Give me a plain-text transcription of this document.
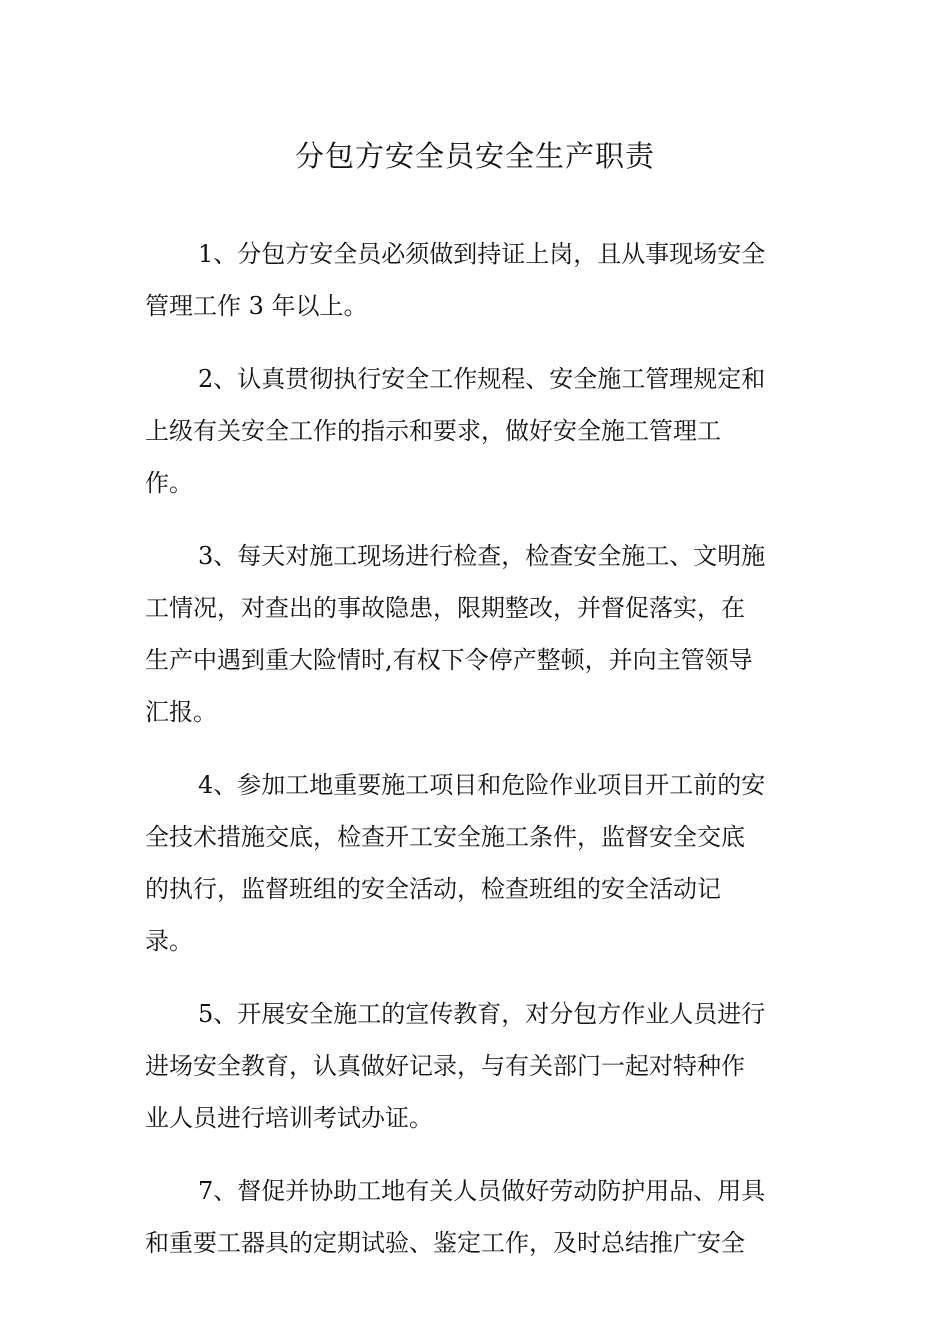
分包方安全员安全生产职责
1、分包方安全员必须做到持证上岗，且从事现场安全
管理工作 3 年以上。
2、认真贯彻执行安全工作规程、安全施工管理规定和
上级有关安全工作的指示和要求，做好安全施工管理工
作。
3、每天对施工现场进行检查，检查安全施工、文明施
工情况，对查出的事故隐患，限期整改，并督促落实，在
生产中遇到重大险情时,有权下令停产整顿，并向主管领导
汇报。
4、参加工地重要施工项目和危险作业项目开工前的安
全技术措施交底，检查开工安全施工条件，监督安全交底
的执行，监督班组的安全活动，检查班组的安全活动记
录。
5、开展安全施工的宣传教育，对分包方作业人员进行
进场安全教育，认真做好记录，与有关部门一起对特种作
业人员进行培训考试办证。
7、督促并协助工地有关人员做好劳动防护用品、用具
和重要工器具的定期试验、鉴定工作，及时总结推广安全
